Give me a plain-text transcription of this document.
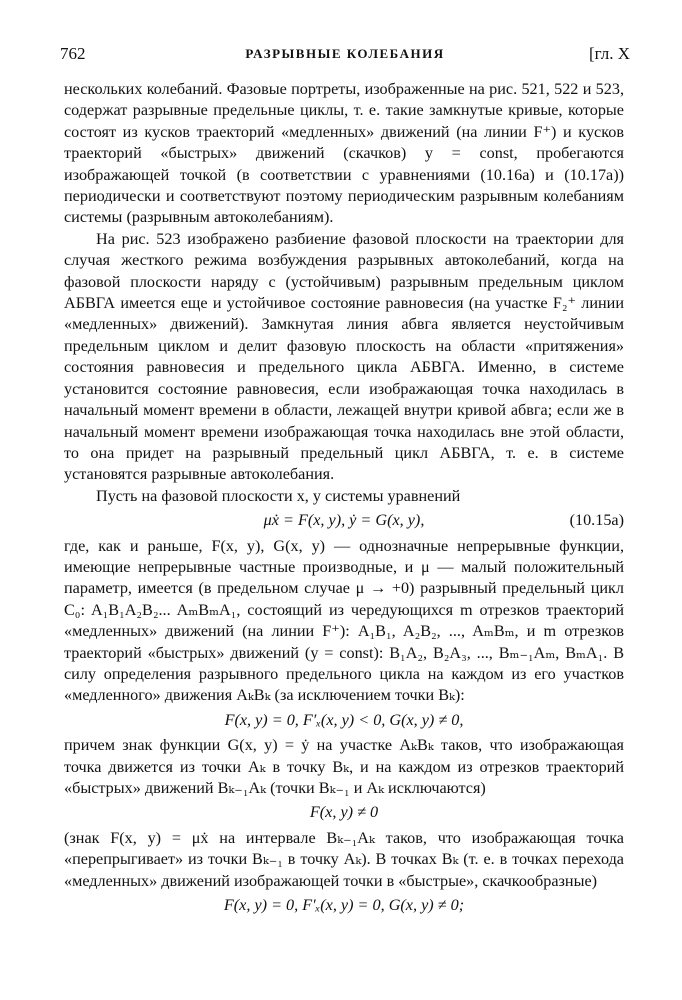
762	РАЗРЫВНЫЕ КОЛЕБАНИЯ	[гл. X

нескольких колебаний. Фазовые портреты, изображенные на рис. 521, 522 и 523, содержат разрывные предельные циклы, т. е. такие замкнутые кривые, которые состоят из кусков траекторий «медленных» движений (на линии F⁺) и кусков траекторий «быстрых» движений (скачков) y = const, пробегаются изображающей точкой (в соответствии с уравнениями (10.16а) и (10.17а)) периодически и соответствуют поэтому периодическим разрывным колебаниям системы (разрывным автоколебаниям).

На рис. 523 изображено разбиение фазовой плоскости на траектории для случая жесткого режима возбуждения разрывных автоколебаний, когда на фазовой плоскости наряду с (устойчивым) разрывным предельным циклом АБВГА имеется еще и устойчивое состояние равновесия (на участке F₂⁺ линии «медленных» движений). Замкнутая линия абвга является неустойчивым предельным циклом и делит фазовую плоскость на области «притяжения» состояния равновесия и предельного цикла АБВГА. Именно, в системе установится состояние равновесия, если изображающая точка находилась в начальный момент времени в области, лежащей внутри кривой абвга; если же в начальный момент времени изображающая точка находилась вне этой области, то она придет на разрывный предельный цикл АБВГА, т. е. в системе установятся разрывные автоколебания.

Пусть на фазовой плоскости x, y системы уравнений

μẋ = F(x, y), ẏ = G(x, y),	(10.15а)

где, как и раньше, F(x, y), G(x, y) — однозначные непрерывные функции, имеющие непрерывные частные производные, и μ — малый положительный параметр, имеется (в предельном случае μ → +0) разрывный предельный цикл C₀: A₁B₁A₂B₂... AₘBₘA₁, состоящий из чередующихся m отрезков траекторий «медленных» движений (на линии F⁺): A₁B₁, A₂B₂, ..., AₘBₘ, и m отрезков траекторий «быстрых» движений (y = const): B₁A₂, B₂A₃, ..., Bₘ₋₁Aₘ, BₘA₁. В силу определения разрывного предельного цикла на каждом из его участков «медленного» движения AₖBₖ (за исключением точки Bₖ):

F(x, y) = 0, F′ₓ(x, y) < 0, G(x, y) ≠ 0,

причем знак функции G(x, y) = ẏ на участке AₖBₖ таков, что изображающая точка движется из точки Aₖ в точку Bₖ, и на каждом из отрезков траекторий «быстрых» движений Bₖ₋₁Aₖ (точки Bₖ₋₁ и Aₖ исключаются)

F(x, y) ≠ 0

(знак F(x, y) = μẋ на интервале Bₖ₋₁Aₖ таков, что изображающая точка «перепрыгивает» из точки Bₖ₋₁ в точку Aₖ). В точках Bₖ (т. е. в точках перехода «медленных» движений изображающей точки в «быстрые», скачкообразные)

F(x, y) = 0, F′ₓ(x, y) = 0, G(x, y) ≠ 0;
